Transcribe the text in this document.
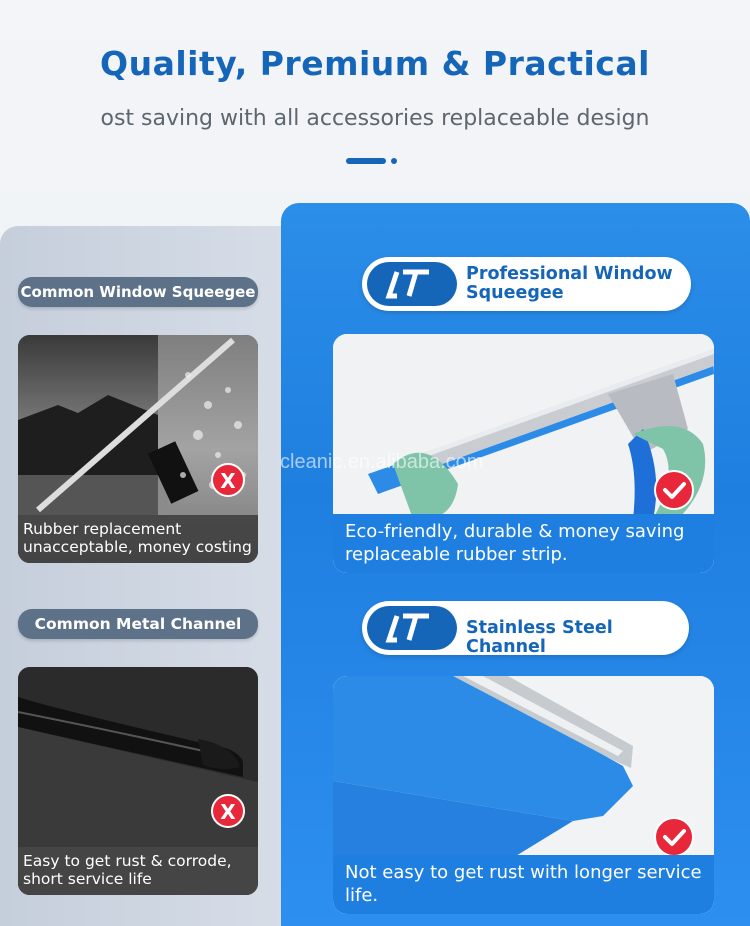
Quality, Premium & Practical
ost saving with all accessories replaceable design
Common Window Squeegee
X
Rubber replacement unacceptable, money costing
Common Metal Channel
X
Easy to get rust & corrode, short service life
Professional Window Squeegee
Eco-friendly, durable & money saving replaceable rubber strip.
Stainless Steel Channel
Not easy to get rust with longer service life.
cleanic.en.alibaba.com
